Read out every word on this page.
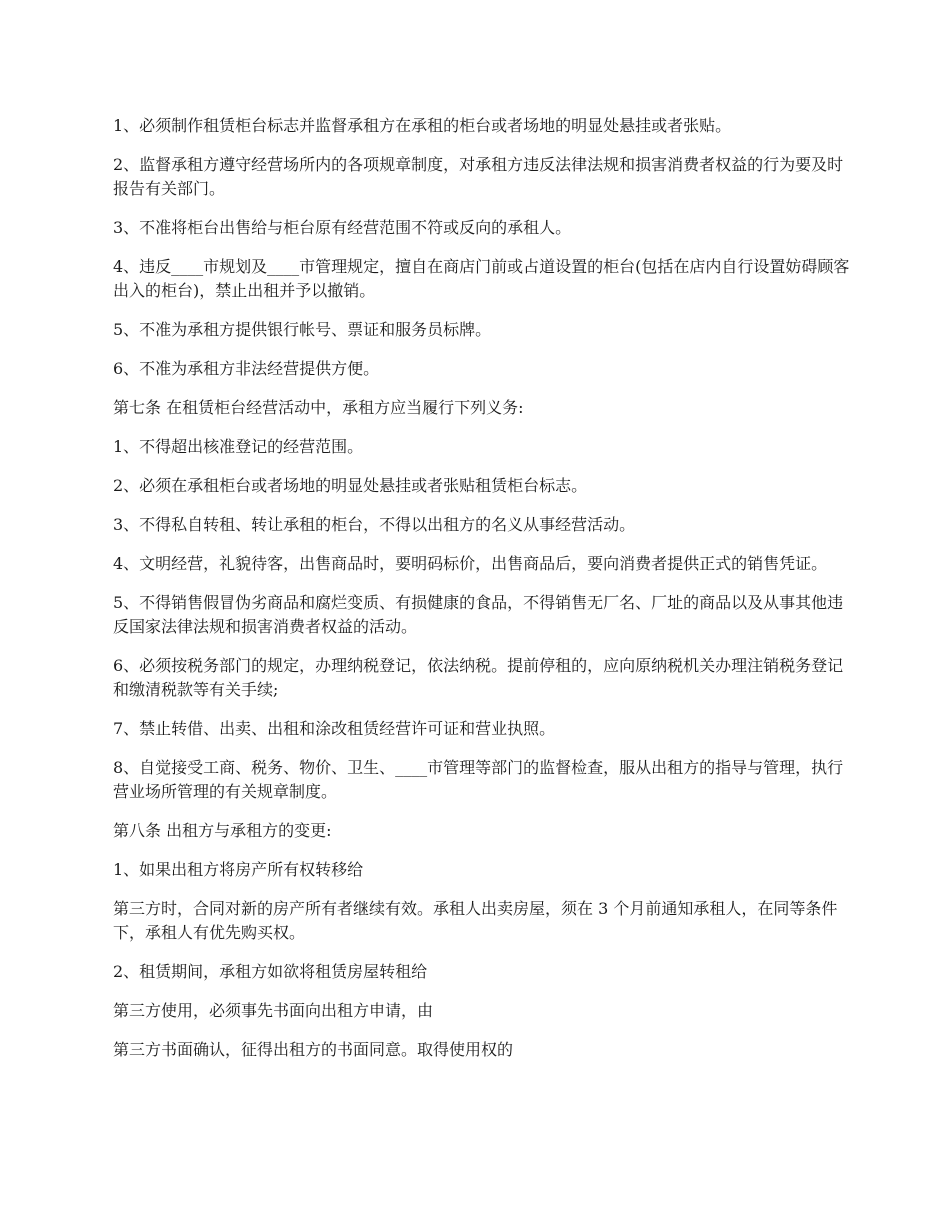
1、必须制作租赁柜台标志并监督承租方在承租的柜台或者场地的明显处悬挂或者张贴。

2、监督承租方遵守经营场所内的各项规章制度，对承租方违反法律法规和损害消费者权益的行为要及时报告有关部门。

3、不准将柜台出售给与柜台原有经营范围不符或反向的承租人。

4、违反____市规划及____市管理规定，擅自在商店门前或占道设置的柜台(包括在店内自行设置妨碍顾客出入的柜台)，禁止出租并予以撤销。

5、不准为承租方提供银行帐号、票证和服务员标牌。

6、不准为承租方非法经营提供方便。

第七条 在租赁柜台经营活动中，承租方应当履行下列义务:

1、不得超出核准登记的经营范围。

2、必须在承租柜台或者场地的明显处悬挂或者张贴租赁柜台标志。

3、不得私自转租、转让承租的柜台，不得以出租方的名义从事经营活动。

4、文明经营，礼貌待客，出售商品时，要明码标价，出售商品后，要向消费者提供正式的销售凭证。

5、不得销售假冒伪劣商品和腐烂变质、有损健康的食品，不得销售无厂名、厂址的商品以及从事其他违反国家法律法规和损害消费者权益的活动。

6、必须按税务部门的规定，办理纳税登记，依法纳税。提前停租的，应向原纳税机关办理注销税务登记和缴清税款等有关手续;

7、禁止转借、出卖、出租和涂改租赁经营许可证和营业执照。

8、自觉接受工商、税务、物价、卫生、____市管理等部门的监督检查，服从出租方的指导与管理，执行营业场所管理的有关规章制度。

第八条 出租方与承租方的变更:

1、如果出租方将房产所有权转移给

第三方时，合同对新的房产所有者继续有效。承租人出卖房屋，须在 3 个月前通知承租人，在同等条件下，承租人有优先购买权。

2、租赁期间，承租方如欲将租赁房屋转租给

第三方使用，必须事先书面向出租方申请，由

第三方书面确认，征得出租方的书面同意。取得使用权的
